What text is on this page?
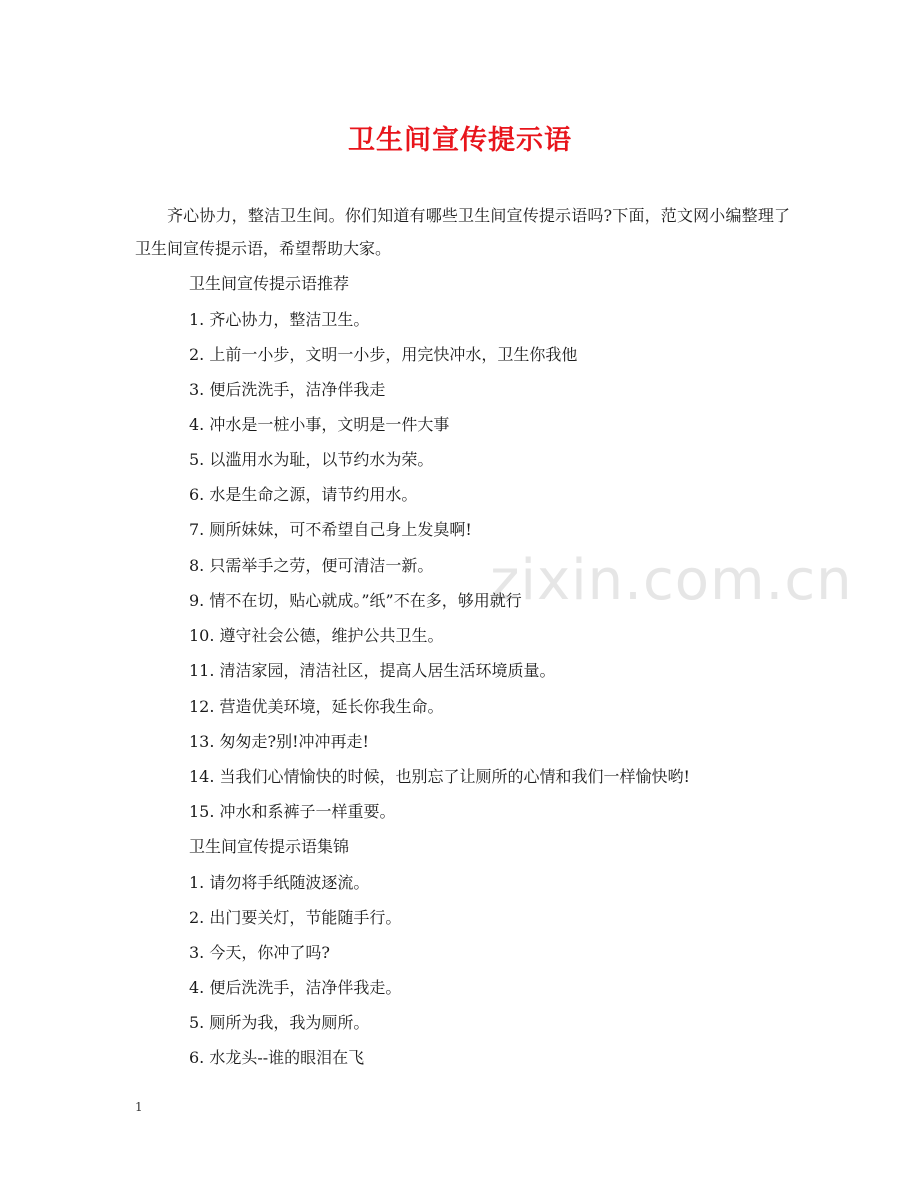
zixin.com.cn
卫生间宣传提示语
齐心协力，整洁卫生间。你们知道有哪些卫生间宣传提示语吗?下面，范文网小编整理了卫生间宣传提示语，希望帮助大家。
卫生间宣传提示语推荐
1. 齐心协力，整洁卫生。
2. 上前一小步，文明一小步，用完快冲水，卫生你我他
3. 便后洗洗手，洁净伴我走
4. 冲水是一桩小事，文明是一件大事
5. 以滥用水为耻，以节约水为荣。
6. 水是生命之源，请节约用水。
7. 厕所妹妹，可不希望自己身上发臭啊!
8. 只需举手之劳，便可清洁一新。
9. 情不在切，贴心就成。”纸”不在多，够用就行
10. 遵守社会公德，维护公共卫生。
11. 清洁家园，清洁社区，提高人居生活环境质量。
12. 营造优美环境，延长你我生命。
13. 匆匆走?别!冲冲再走!
14. 当我们心情愉快的时候，也别忘了让厕所的心情和我们一样愉快哟!
15. 冲水和系裤子一样重要。
卫生间宣传提示语集锦
1. 请勿将手纸随波逐流。
2. 出门要关灯，节能随手行。
3. 今天，你冲了吗?
4. 便后洗洗手，洁净伴我走。
5. 厕所为我，我为厕所。
6. 水龙头--谁的眼泪在飞
1
